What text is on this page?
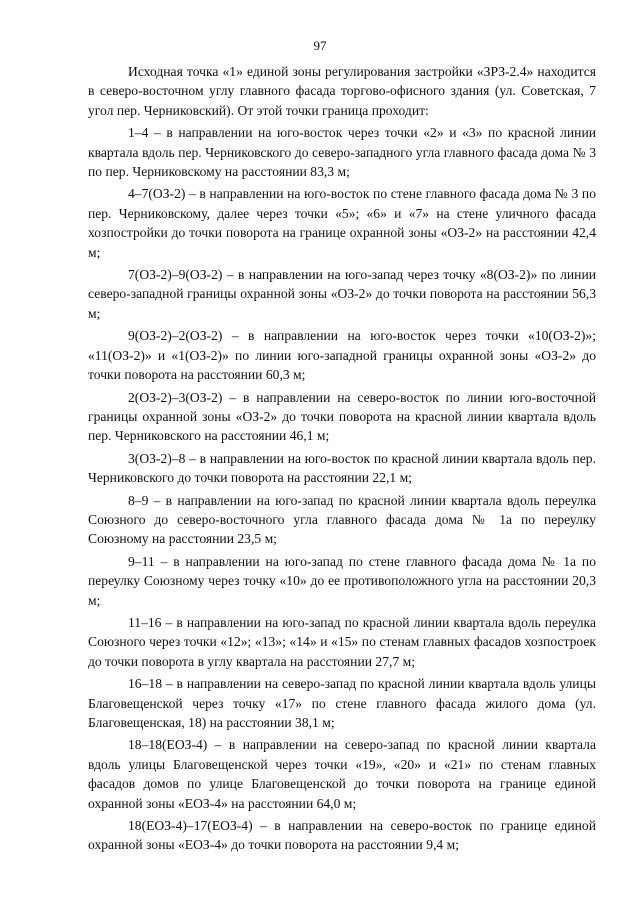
97

Исходная точка «1» единой зоны регулирования застройки «ЗРЗ-2.4» находится в северо-восточном углу главного фасада торгово-офисного здания (ул. Советская, 7 угол пер. Черниковский). От этой точки граница проходит:

1–4 – в направлении на юго-восток через точки «2» и «3» по красной линии квартала вдоль пер. Черниковского до северо-западного угла главного фасада дома № 3 по пер. Черниковскому на расстоянии 83,3 м;

4–7(ОЗ-2) – в направлении на юго-восток по стене главного фасада дома № 3 по пер. Черниковскому, далее через точки «5»; «6» и «7» на стене уличного фасада хозпостройки до точки поворота на границе охранной зоны «ОЗ-2» на расстоянии 42,4 м;

7(ОЗ-2)–9(ОЗ-2) – в направлении на юго-запад через точку «8(ОЗ-2)» по линии северо-западной границы охранной зоны «ОЗ-2» до точки поворота на расстоянии 56,3 м;

9(ОЗ-2)–2(ОЗ-2) – в направлении на юго-восток через точки «10(ОЗ-2)»; «11(ОЗ-2)» и «1(ОЗ-2)» по линии юго-западной границы охранной зоны «ОЗ-2» до точки поворота на расстоянии 60,3 м;

2(ОЗ-2)–3(ОЗ-2) – в направлении на северо-восток по линии юго-восточной границы охранной зоны «ОЗ-2» до точки поворота на красной линии квартала вдоль пер. Черниковского на расстоянии 46,1 м;

3(ОЗ-2)–8 – в направлении на юго-восток по красной линии квартала вдоль пер. Черниковского до точки поворота на расстоянии 22,1 м;

8–9 – в направлении на юго-запад по красной линии квартала вдоль переулка Союзного до северо-восточного угла главного фасада дома № 1а по переулку Союзному на расстоянии 23,5 м;

9–11 – в направлении на юго-запад по стене главного фасада дома № 1а по переулку Союзному через точку «10» до ее противоположного угла на расстоянии 20,3 м;

11–16 – в направлении на юго-запад по красной линии квартала вдоль переулка Союзного через точки «12»; «13»; «14» и «15» по стенам главных фасадов хозпостроек до точки поворота в углу квартала на расстоянии 27,7 м;

16–18 – в направлении на северо-запад по красной линии квартала вдоль улицы Благовещенской через точку «17» по стене главного фасада жилого дома (ул. Благовещенская, 18) на расстоянии 38,1 м;

18–18(ЕОЗ-4) – в направлении на северо-запад по красной линии квартала вдоль улицы Благовещенской через точки «19», «20» и «21» по стенам главных фасадов домов по улице Благовещенской до точки поворота на границе единой охранной зоны «ЕОЗ-4» на расстоянии 64,0 м;

18(ЕОЗ-4)–17(ЕОЗ-4) – в направлении на северо-восток по границе единой охранной зоны «ЕОЗ-4» до точки поворота на расстоянии 9,4 м;
